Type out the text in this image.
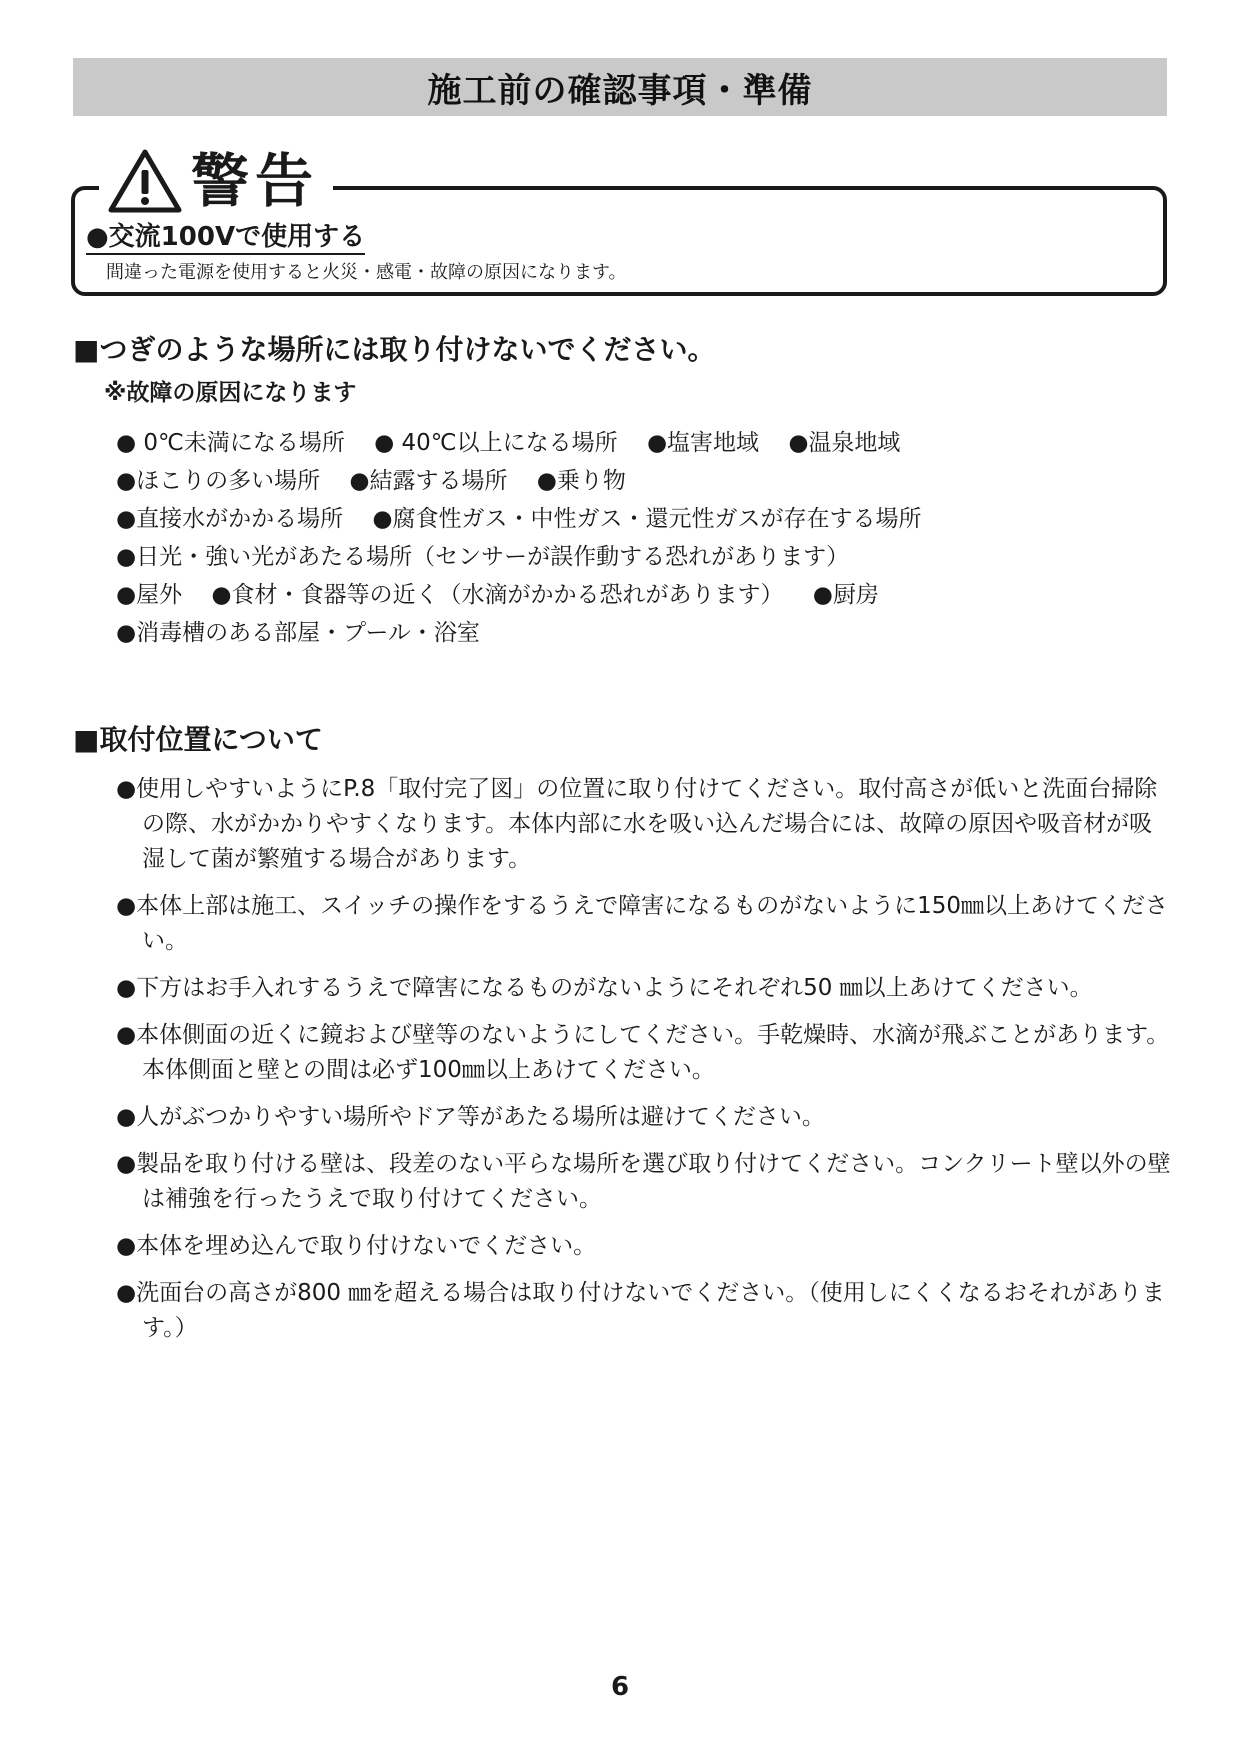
施工前の確認事項・準備
警告
●交流100Vで使用する
間違った電源を使用すると火災・感電・故障の原因になります。
■つぎのような場所には取り付けないでください。
※故障の原因になります
● 0℃未満になる場所 ● 40℃以上になる場所 ●塩害地域 ●温泉地域
●ほこりの多い場所 ●結露する場所 ●乗り物
●直接水がかかる場所 ●腐食性ガス・中性ガス・還元性ガスが存在する場所
●日光・強い光があたる場所（センサーが誤作動する恐れがあります）
●屋外 ●食材・食器等の近く（水滴がかかる恐れがあります） ●厨房
●消毒槽のある部屋・プール・浴室
■取付位置について
●使用しやすいようにP.8「取付完了図」の位置に取り付けてください。取付高さが低いと洗面台掃除の際、水がかかりやすくなります。本体内部に水を吸い込んだ場合には、故障の原因や吸音材が吸湿して菌が繁殖する場合があります。
●本体上部は施工、スイッチの操作をするうえで障害になるものがないように150㎜以上あけてください。
●下方はお手入れするうえで障害になるものがないようにそれぞれ50 ㎜以上あけてください。
●本体側面の近くに鏡および壁等のないようにしてください。手乾燥時、水滴が飛ぶことがあります。本体側面と壁との間は必ず100㎜以上あけてください。
●人がぶつかりやすい場所やドア等があたる場所は避けてください。
●製品を取り付ける壁は、段差のない平らな場所を選び取り付けてください。コンクリート壁以外の壁は補強を行ったうえで取り付けてください。
●本体を埋め込んで取り付けないでください。
●洗面台の高さが800 ㎜を超える場合は取り付けないでください。（使用しにくくなるおそれがあります。）
6
